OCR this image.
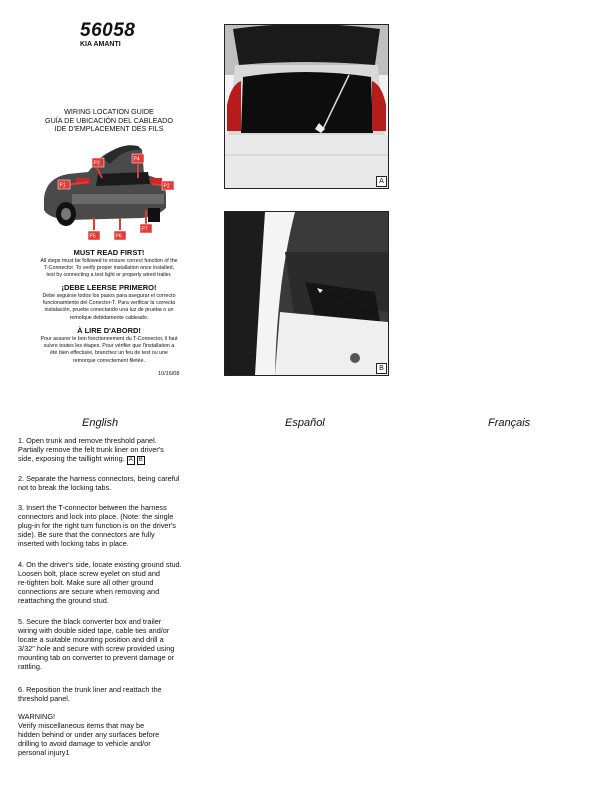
56058
KIA AMANTI
WIRING LOCATION GUIDE
GUÍA DE UBICACIÓN DEL CABLEADO
IDE D'EMPLACEMENT DES FILS
P1	P2
P3
P4
P5	P6
P7
MUST READ FIRST!
All steps must be followed to ensure correct function of the
T-Connector. To verify proper installation once installed,
test by connecting a test light or properly wired trailer.
¡DEBE LEERSE PRIMERO!
Debe seguirse todos los pasos para asegurar el correcto
funcionamiento del Conector-T. Para verificar la correcta
instalación, pruebe conectando una luz de prueba o un
remolque debidamente cableado.
À LIRE D'ABORD!
Pour assurer le bon fonctionnement du T-Connector, il faut
suivre toutes les étapes. Pour vérifier que l'installation a
été bien effectuée, branchez un feu de test ou une
remorque correctement filetée.
10/16/08
A
B
English	Español	Français
1. Open trunk and remove threshold panel.
Partially remove the felt trunk liner on driver's
side, exposing the taillight wiring. A B
2. Separate the harness connectors, being careful
not to break the locking tabs.
3. Insert the T-connector between the harness
connectors and lock into place. (Note: the single
plug-in for the right turn function is on the driver's
side). Be sure that the connectors are fully
inserted with locking tabs in place.
4. On the driver's side, locate existing ground stud.
Loosen bolt, place screw eyelet on stud and
re-tighten bolt. Make sure all other ground
connections are secure when removing and
reattaching the ground stud.
5. Secure the black converter box and trailer
wiring with double sided tape, cable ties and/or
locate a suitable mounting position and drill a
3/32" hole and secure with screw provided using
mounting tab on converter to prevent damage or
rattling.
6. Reposition the trunk liner and reattach the
threshold panel.
WARNING!
Verify miscellaneous items that may be
hidden behind or under any surfaces before
drilling to avoid damage to vehicle and/or
personal injury1
